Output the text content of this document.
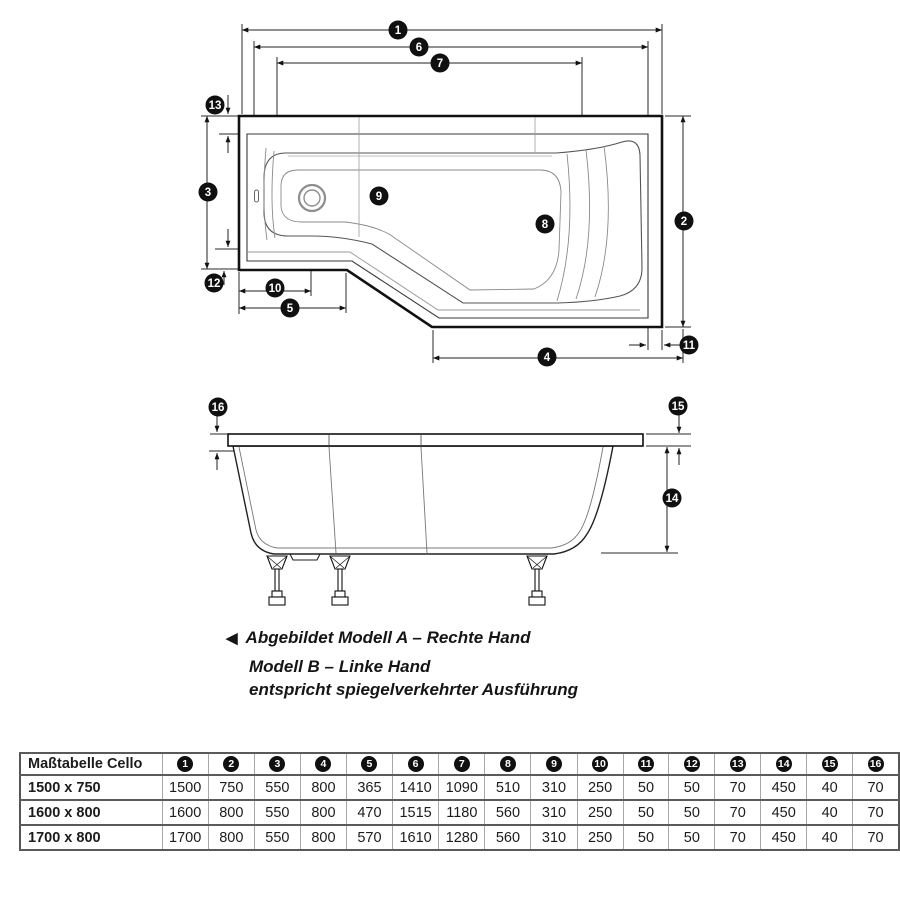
1
6
7
13
3	9
8	2
12	10
5
4
11
16	15
14
◀ Abgebildet Modell A – Rechte Hand
Modell B – Linke Hand
entspricht spiegelverkehrter Ausführung
Maßtabelle Cello	1	2	3	4	5	6	7	8	9	10	11	12	13	14	15	16
1500 x 750	1500	750	550	800	365	1410	1090	510	310	250	50	50	70	450	40	70
1600 x 800	1600	800	550	800	470	1515	1180	560	310	250	50	50	70	450	40	70
1700 x 800	1700	800	550	800	570	1610	1280	560	310	250	50	50	70	450	40	70
